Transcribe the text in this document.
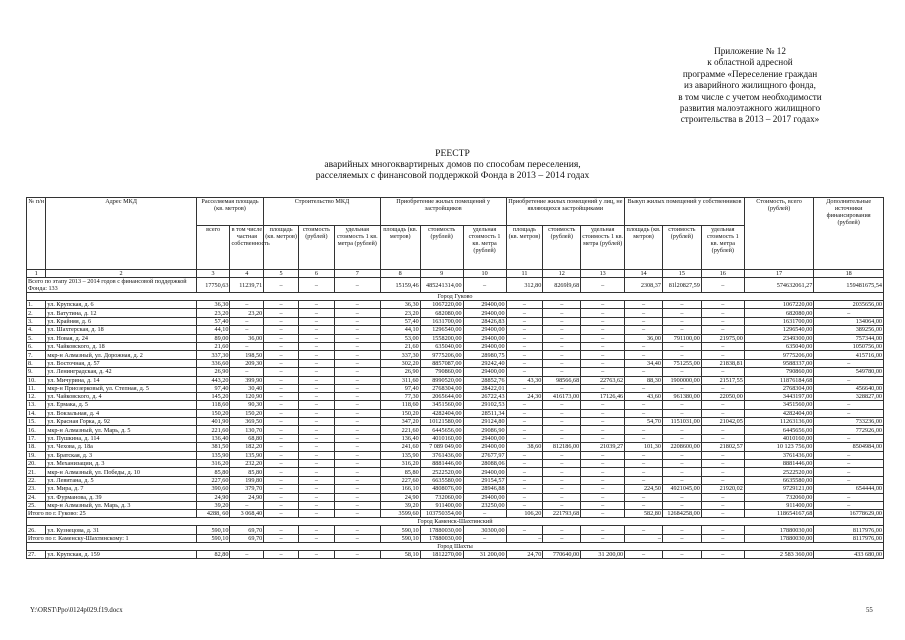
Приложение № 12
к областной адресной
программе «Переселение граждан
из аварийного жилищного фонда,
в том числе с учетом необходимости
развития малоэтажного жилищного
строительства в 2013 – 2017 годах»
РЕЕСТР
аварийных многоквартирных домов по способам переселения,
расселяемых с финансовой поддержкой Фонда в 2013 – 2014 годах
№ п/н	Адрес МКД	Расселяемая площадь (кв. метров)		Строительство МКД			Приобретение жилых помещений у застройщиков			Приобретение жилых помещений у лиц, не являющихся застройщиками			Выкуп жилых помещений у собственников			Стоимость, всего (рублей)	Дополнительные источники финансирования (рублей)
		всего	в том числе частная собственность	площадь (кв. метров)	стоимость (рублей)	удельная стоимость 1 кв. метра (рублей)	площадь (кв. метров)	стоимость (рублей)	удельная стоимость 1 кв. метра (рублей)	площадь (кв. метров)	стоимость (рублей)	удельная стоимость 1 кв. метра (рублей)	площадь (кв. метров)	стоимость (рублей)	удельная стоимость 1 кв. метра (рублей)		
1	2	3	4	5	6	7	8	9	10	11	12	13	14	15	16	17	18
Всего по этапу 2013 – 2014 годов с финансовой поддержкой Фонда: 133		17750,63	11239,71	–	–	–	15159,46	485241314,00	–	312,80	8269l9,68	–	2308,37	81l20827,59	–	574632061,27	159481675,54
Город Гуково																	
1.	ул. Крупская, д. 6	36,30	–	–	–	–	36,30	1067220,00	29400,00	–	–	–	–	–	–	1067220,00	2035656,00
2.	ул. Ватутина, д. 12	23,20	23,20	–	–	–	23,20	682080,00	29400,00	–	–	–	–	–	–	682080,00	–
3.	ул. Крайняя, д. 6	57,40	–	–	–	–	57,40	1631700,00	28426,83	–	–	–	–	–	–	1631700,00	134064,00
4.	ул. Шахтерская, д. 18	44,10	–	–	–	–	44,10	1296540,00	29400,00	–	–	–	–	–	–	1296540,00	389256,00
5.	ул. Новая, д. 24	89,00	36,00	–	–	–	53,00	1558200,00	29400,00	–	–	–	36,00	791100,00	21975,00	2349300,00	757344,00
6.	ул. Чайковского, д. 18	21,60	–	–	–	–	21,60	635040,00	29400,00	–	–	–	–	–	–	635040,00	1050756,00
7.	мкр-н Алмазный, ул. Дорожная, д. 2	337,30	198,50	–	–	–	337,30	9775206,00	28980,75	–	–	–	–	–	–	9775206,00	415716,00
8.	ул. Восточная, д. 57	336,60	209,30	–	–	–	302,20	8857087,00	29242,40	–	–	–	34,40	751255,00	21838,81	9588337,00	–
9.	ул. Ленинградская, д. 42	26,90	–	–	–	–	26,90	790860,00	29400,00	–	–	–	–	–	–	790860,00	549780,00
10.	ул. Мичурина, д. 14	443,20	399,90	–	–	–	311,60	8990520,00	28852,76	43,30	98566,68	22763,62	88,30	1900000,00	21517,55	11876184,68	–
11.	мкр-н Приозерковый, ул. Степная, д. 5	97,40	30,40	–	–	–	97,40	2768304,00	28422,01	–	–	–	–	–	–	2768304,00	456640,00
12.	ул. Чайковского, д. 4	145,20	120,90	–	–	–	77,30	2065644,00	26722,43	24,30	416173,00	17126,46	43,60	961380,00	22050,00	3443197,00	328827,00
13.	ул. Ермака, д. 5	118,60	90,30	–	–	–	118,60	3451560,00	29102,53	–	–	–	–	–	–	3451560,00	–
14.	ул. Вокзальная, д. 4	150,20	150,20	–	–	–	150,20	4282404,00	28511,34	–	–	–	–	–	–	4282404,00	–
15.	ул. Красная Горка, д. 92	401,90	369,50	–	–	–	347,20	10121580,00	29124,80	–	–	–	54,70	1151031,00	21042,05	11263136,00	733236,00
16.	мкр-н Алмазный, ул. Марь, д. 5	221,60	130,70	–	–	–	221,60	6445656,00	29086,90	–	–	–	–	–	–	6445656,00	772926,00
17.	ул. Пушкина, д. 114	136,40	68,80	–	–	–	136,40	4010160,00	29400,00	–	–	–	–	–	–	4010160,00	–
18.	ул. Чехова, д. 18а	381,50	182,20	–	–	–	241,60	7 089 049,00	29400,00	38,60	812186,00	21039,27	101,30	2208600,00	21802,57	10 123 756,00	8504984,00
19.	ул. Братская, д. 3	135,90	135,90	–	–	–	135,90	3761436,00	27677,97	–	–	–	–	–	–	3761436,00	–
20.	ул. Механизации, д. 3	316,20	232,20	–	–	–	316,20	8881446,00	28088,06	–	–	–	–	–	–	8881446,00	–
21.	мкр-н Алмазный, ул. Победы, д. 10	85,80	85,80	–	–	–	85,80	2522520,00	29400,00	–	–	–	–	–	–	2522520,00	–
22.	ул. Левитана, д. 5	227,60	199,80	–	–	–	227,60	6635580,00	29154,57	–	–	–	–	–	–	6635580,00	–
23.	ул. Мира, д. 7	390,60	379,70	–	–	–	166,10	4808076,00	28946,88	–	–	–	224,50	4921045,00	21920,02	9729121,00	654444,00
24.	ул. Фурманова, д. 39	24,90	24,90	–	–	–	24,90	732060,00	29400,00	–	–	–	–	–	–	732060,00	–
25.	мкр-н Алмазный, ул. Марь, д. 3	39,20	–	–	–	–	39,20	911400,00	23250,00	–	–	–	–	–	–	911400,00	–
Итого по г. Гуково: 25		4288, 60	3 068,40	–	–	–	3599,60	103750354,00	–	106,20	221793,68	–	582,80	12684258,00	–	118654167,68	16778629,00
Город Каменск-Шахтинский																	
26.	ул. Кузнецова, д. 31	590,10	69,70	–	–	–	590,10	17880030,00	30300,00	–	–	–	–	–	–	17880030,00	8117976,00
Итого по г. Каменску-Шахтинскому: 1		590,10	69,70	–	–	–	590,10	17880030,00	–	–	–	–	–	–	–	17880030,00	8117976,00
Город Шахты																	
27.	ул. Крупская, д. 159	82,80	–	–	–	–	58,10	1812270,00	31 200,00	24,70	770640,00	31 200,00	–	–	–	2 583 360,00	433 680,00
Y:\ORST\Ppo\0124p029.f19.docx	55
